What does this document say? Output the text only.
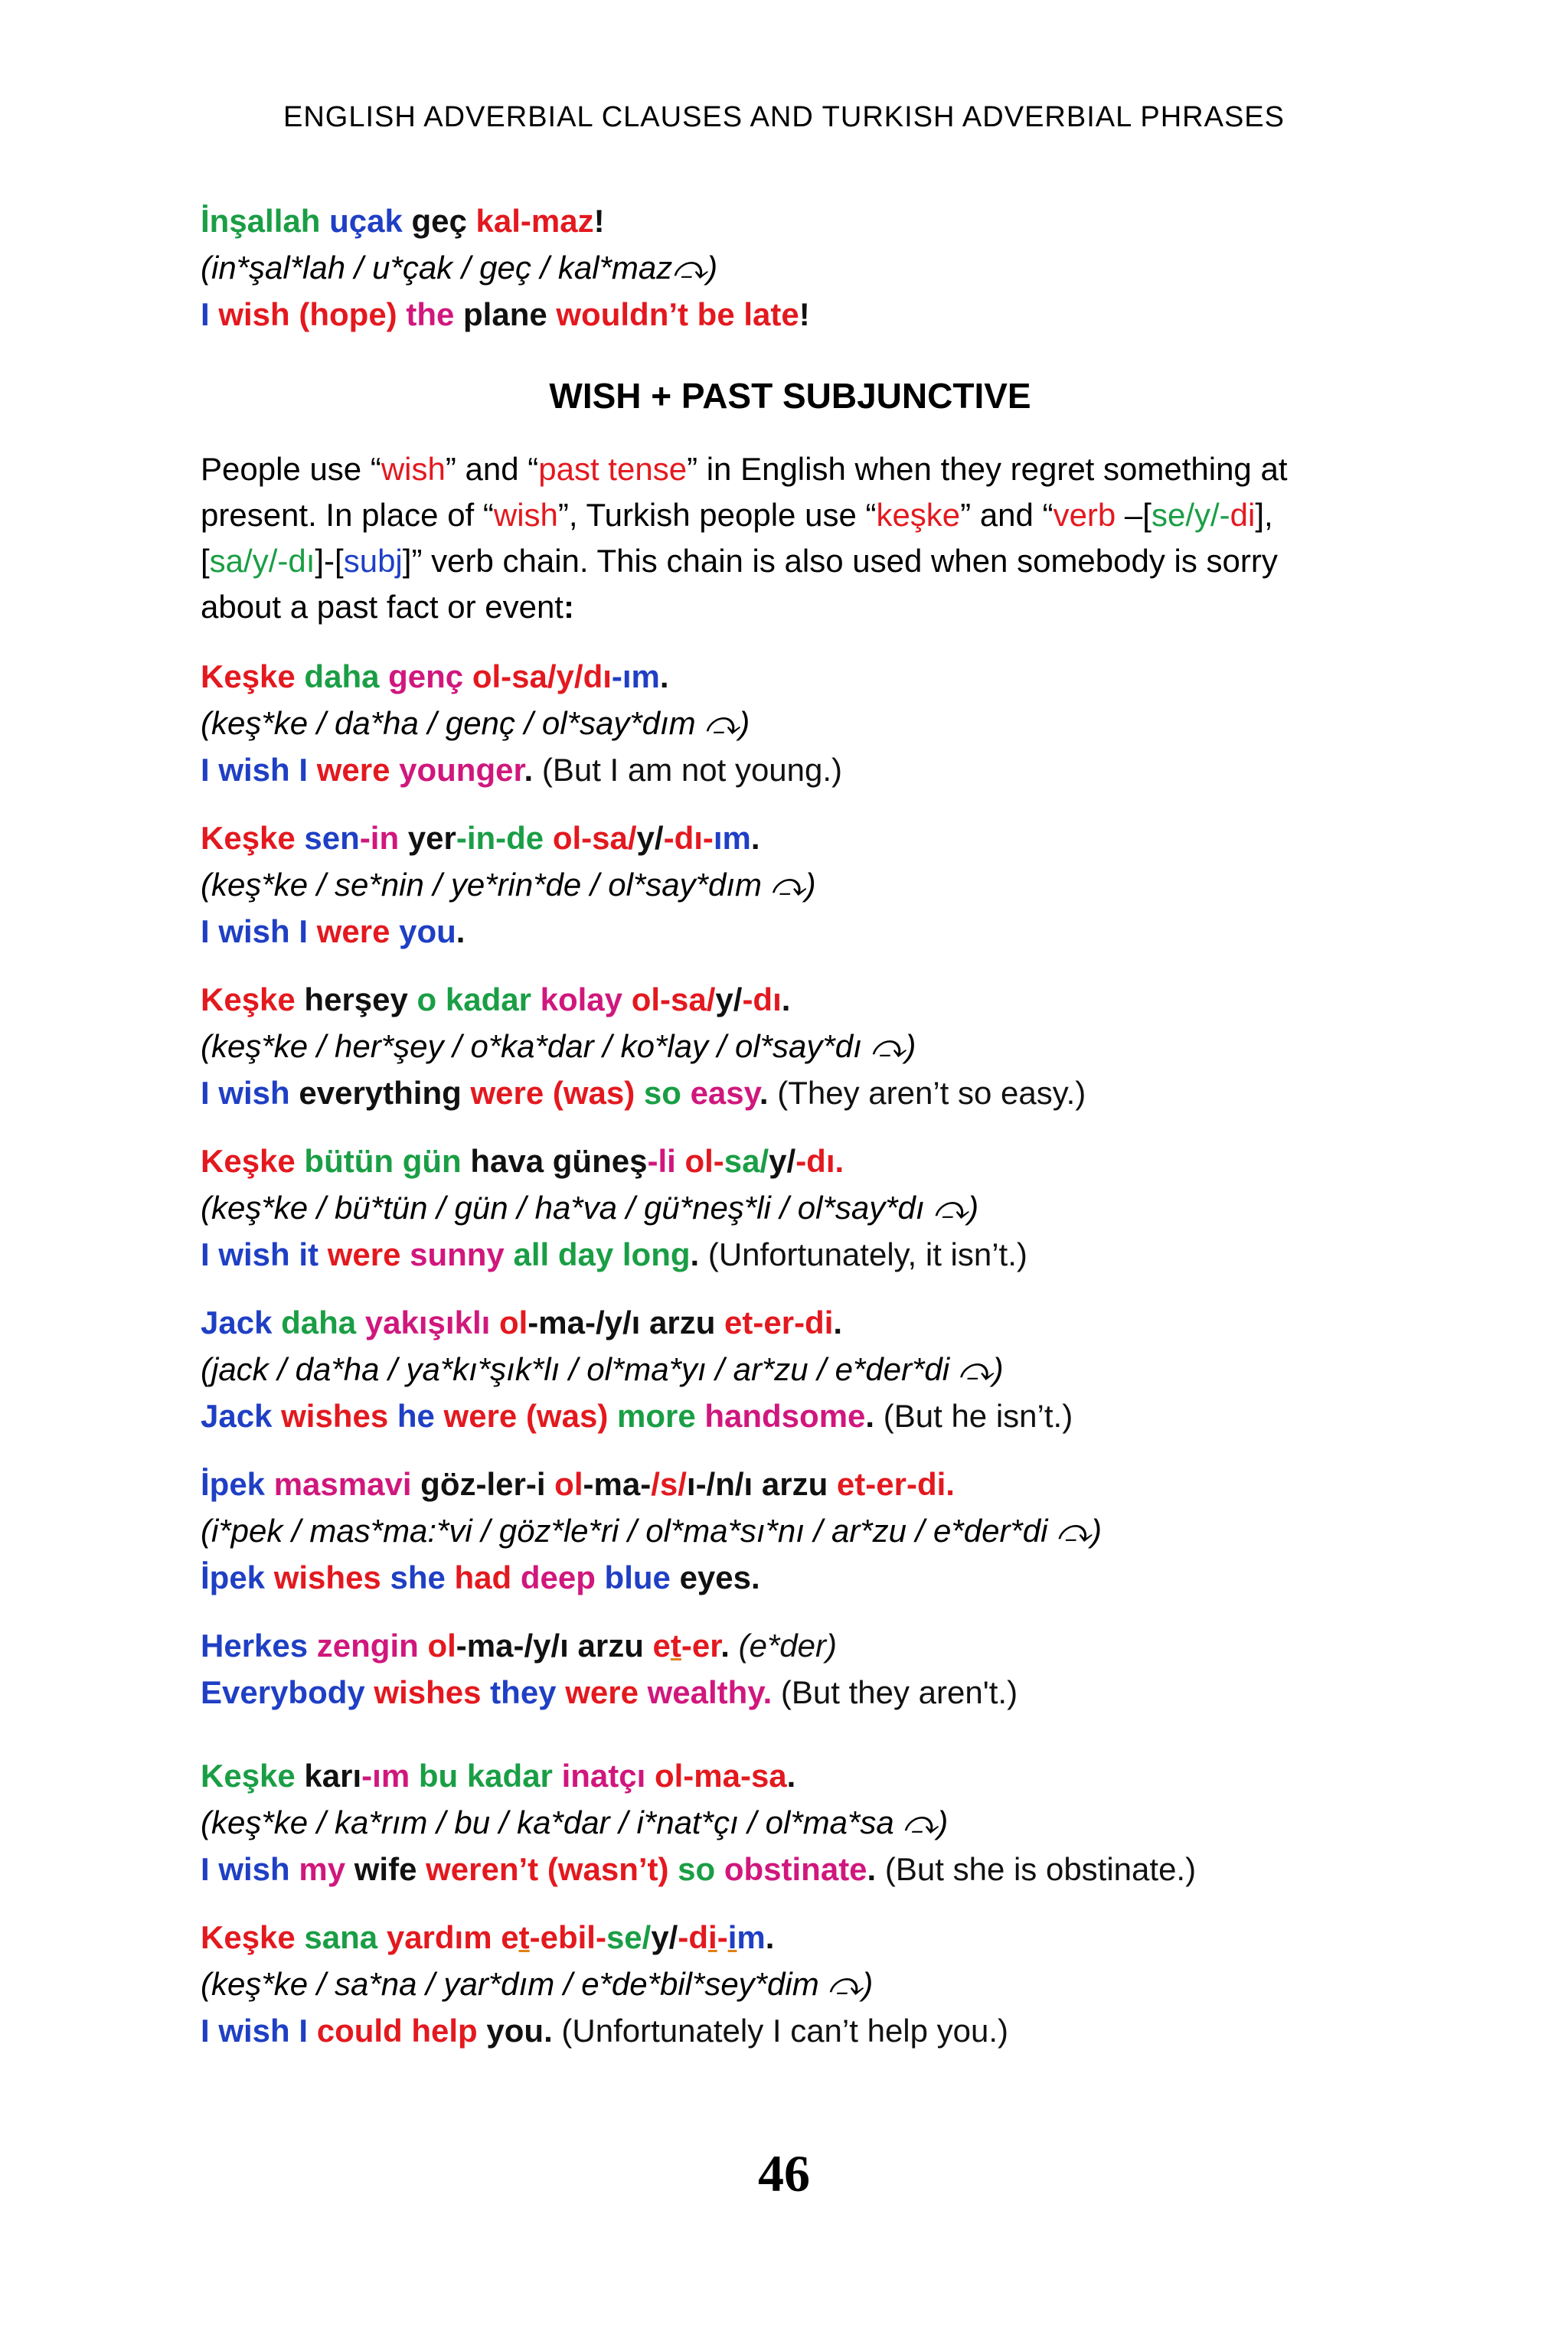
ENGLISH ADVERBIAL CLAUSES AND TURKISH ADVERBIAL PHRASES
İnşallah uçak geç kal-maz!
(in*şal*lah / u*çak / geç / kal*maz⤼)
I wish (hope) the plane wouldn’t be late!
WISH + PAST SUBJUNCTIVE

People use “wish” and “past tense” in English when they regret something at

present. In place of “wish”, Turkish people use “keşke” and “verb –[se/y/-di],

[sa/y/-dı]-[subj]” verb chain. This chain is also used when somebody is sorry

about a past fact or event:

Keşke daha genç ol-sa/y/dı-ım.
(keş*ke / da*ha / genç / ol*say*dım ⤼)
I wish I were younger. (But I am not young.)
Keşke sen-in yer-in-de ol-sa/y/-dı-ım.
(keş*ke / se*nin / ye*rin*de / ol*say*dım ⤼)
I wish I were you.
Keşke herşey o kadar kolay ol-sa/y/-dı.
(keş*ke / her*şey / o*ka*dar / ko*lay / ol*say*dı ⤼)
I wish everything were (was) so easy. (They aren’t so easy.)
Keşke bütün gün hava güneş-li ol-sa/y/-dı.
(keş*ke / bü*tün / gün / ha*va / gü*neş*li / ol*say*dı ⤼)
I wish it were sunny all day long. (Unfortunately, it isn’t.)
Jack daha yakışıklı ol-ma-/y/ı arzu et-er-di.
(jack / da*ha / ya*kı*şık*lı / ol*ma*yı / ar*zu / e*der*di ⤼)
Jack wishes he were (was) more handsome. (But he isn’t.)
İpek masmavi göz-ler-i ol-ma-/s/ı-/n/ı arzu et-er-di.
(i*pek / mas*ma:*vi / göz*le*ri / ol*ma*sı*nı / ar*zu / e*der*di ⤼)
İpek wishes she had deep blue eyes.
Herkes zengin ol-ma-/y/ı arzu et-er. (e*der)
Everybody wishes they were wealthy. (But they aren't.)
Keşke karı-ım bu kadar inatçı ol-ma-sa.
(keş*ke / ka*rım / bu / ka*dar / i*nat*çı / ol*ma*sa ⤼)
I wish my wife weren’t (wasn’t) so obstinate. (But she is obstinate.)
Keşke sana yardım et-ebil-se/y/-di-im.
(keş*ke / sa*na / yar*dım / e*de*bil*sey*dim ⤼)
I wish I could help you. (Unfortunately I can’t help you.)
46
